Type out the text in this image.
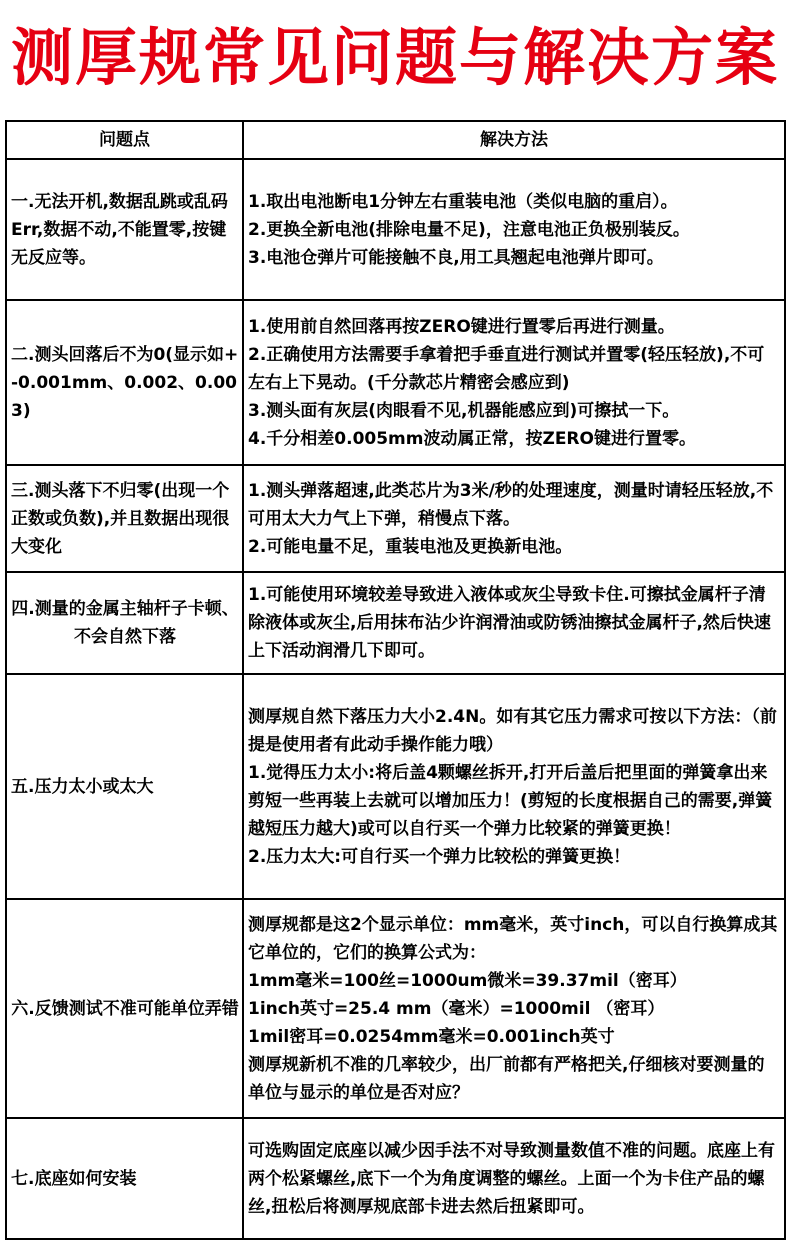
测厚规常见问题与解决方案
问题点	解决方法
一.无法开机,数据乱跳或乱码Err,数据不动,不能置零,按键无反应等。	1.取出电池断电1分钟左右重装电池（类似电脑的重启）。

2.更换全新电池(排除电量不足)，注意电池正负极别装反。

3.电池仓弹片可能接触不良,用工具翘起电池弹片即可。

二.测头回落后不为0(显示如+-0.001mm、0.002、0.003)	1.使用前自然回落再按ZERO键进行置零后再进行测量。

2.正确使用方法需要手拿着把手垂直进行测试并置零(轻压轻放),不可左右上下晃动。(千分款芯片精密会感应到)

3.测头面有灰层(肉眼看不见,机器能感应到)可擦拭一下。

4.千分相差0.005mm波动属正常，按ZERO键进行置零。

三.测头落下不归零(出现一个正数或负数),并且数据出现很大变化	1.测头弹落超速,此类芯片为3米/秒的处理速度，测量时请轻压轻放,不可用太大力气上下弹，稍慢点下落。

2.可能电量不足，重装电池及更换新电池。

四.测量的金属主轴杆子卡顿、不会自然下落	1.可能使用环境较差导致进入液体或灰尘导致卡住.可擦拭金属杆子清除液体或灰尘,后用抹布沾少许润滑油或防锈油擦拭金属杆子,然后快速上下活动润滑几下即可。

五.压力太小或太大	测厚规自然下落压力大小2.4N。如有其它压力需求可按以下方法：（前提是使用者有此动手操作能力哦）

1.觉得压力太小:将后盖4颗螺丝拆开,打开后盖后把里面的弹簧拿出来剪短一些再装上去就可以增加压力！(剪短的长度根据自己的需要,弹簧越短压力越大)或可以自行买一个弹力比较紧的弹簧更换！

2.压力太大:可自行买一个弹力比较松的弹簧更换！

六.反馈测试不准可能单位弄错	测厚规都是这2个显示单位：mm毫米，英寸inch，可以自行换算成其它单位的，它们的换算公式为：

1mm毫米=100丝=1000um微米=39.37mil（密耳）

1inch英寸=25.4 mm（毫米）=1000mil （密耳）

1mil密耳=0.0254mm毫米=0.001inch英寸

测厚规新机不准的几率较少，出厂前都有严格把关,仔细核对要测量的单位与显示的单位是否对应？

七.底座如何安装	可选购固定底座以减少因手法不对导致测量数值不准的问题。底座上有两个松紧螺丝,底下一个为角度调整的螺丝。上面一个为卡住产品的螺丝,扭松后将测厚规底部卡进去然后扭紧即可。
